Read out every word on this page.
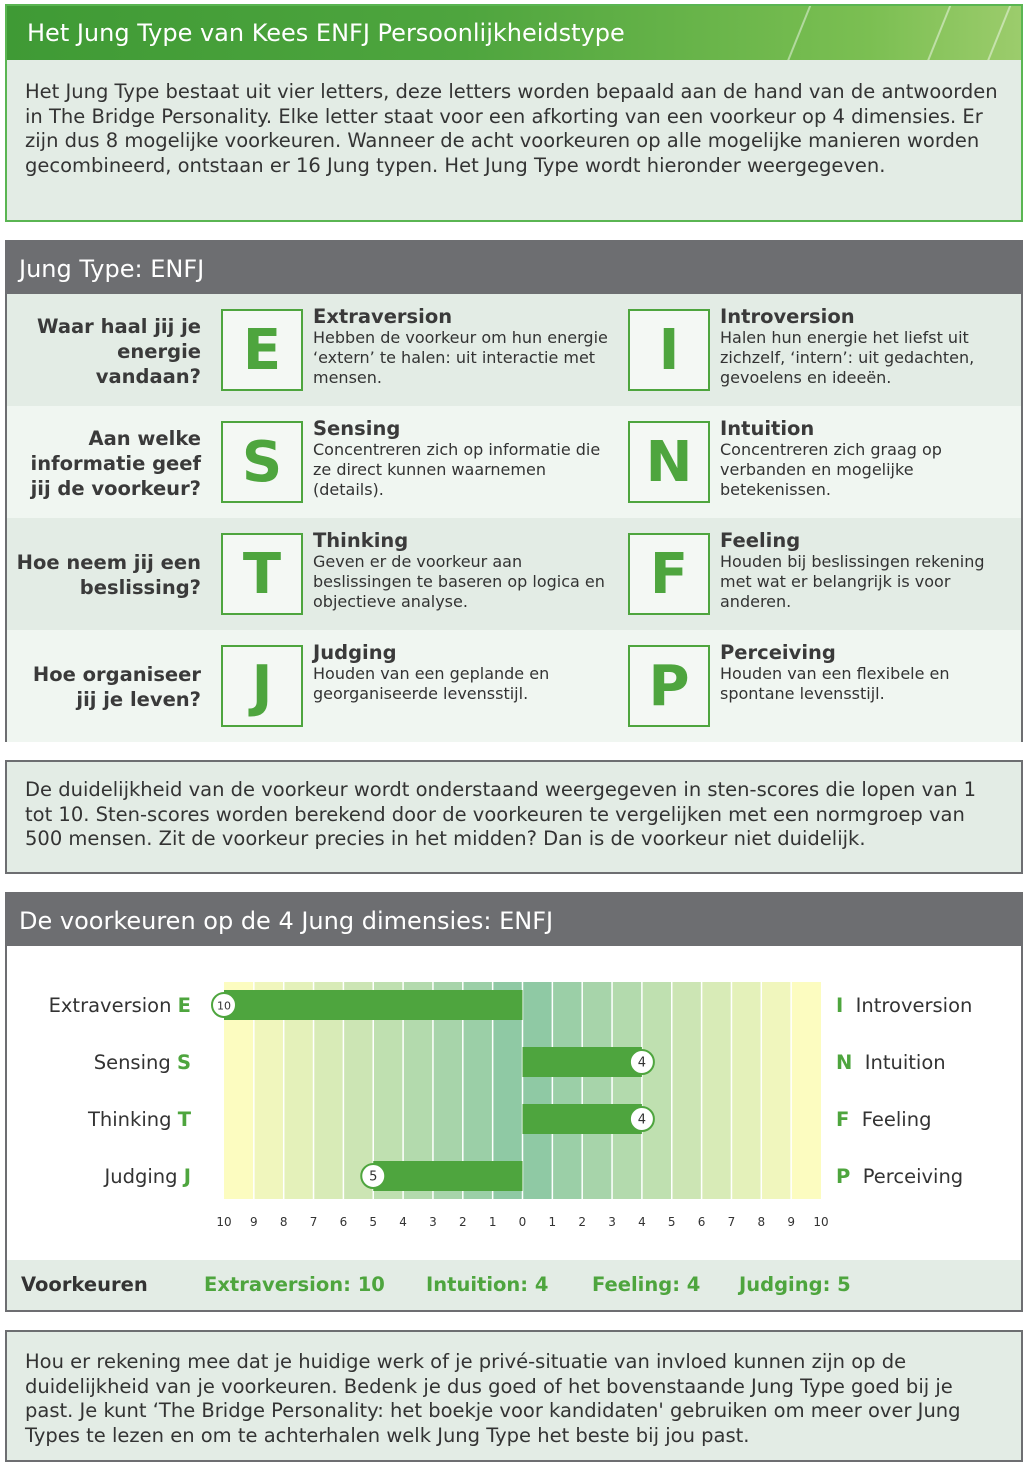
Het Jung Type van Kees ENFJ Persoonlijkheidstype
Het Jung Type bestaat uit vier letters, deze letters worden bepaald aan de hand van de antwoorden in The Bridge Personality. Elke letter staat voor een afkorting van een voorkeur op 4 dimensies. Er zijn dus 8 mogelijke voorkeuren. Wanneer de acht voorkeuren op alle mogelijke manieren worden gecombineerd, ontstaan er 16 Jung typen. Het Jung Type wordt hieronder weergegeven.
Jung Type: ENFJ
Waar haal jij je energie vandaan? E
Extraversion
Hebben de voorkeur om hun energie ‘extern’ te halen: uit interactie met mensen.	I
Introversion
Halen hun energie het liefst uit zichzelf, ‘intern’: uit gedachten, gevoelens en ideeën.
Aan welke informatie geef jij de voorkeur? S
Sensing
Concentreren zich op informatie die ze direct kunnen waarnemen (details).	N
Intuition
Concentreren zich graag op verbanden en mogelijke betekenissen.
Hoe neem jij een beslissing? T
Thinking
Geven er de voorkeur aan beslissingen te baseren op logica en objectieve analyse.	F
Feeling
Houden bij beslissingen rekening met wat er belangrijk is voor anderen.
Hoe organiseer jij je leven? J
Judging
Houden van een geplande en georganiseerde levensstijl.	P
Perceiving
Houden van een flexibele en spontane levensstijl.
De duidelijkheid van de voorkeur wordt onderstaand weergegeven in sten-scores die lopen van 1 tot 10. Sten-scores worden berekend door de voorkeuren te vergelijken met een normgroep van 500 mensen. Zit de voorkeur precies in het midden? Dan is de voorkeur niet duidelijk.
De voorkeuren op de 4 Jung dimensies: ENFJ
Extraversion E
Sensing S
Thinking T
Judging J
10 9 8 7 6 5 4 3 2 1 0 1 2 3 4 5 6 7 8 9 10
10
4
4
5
I Introversion
N Intuition
F Feeling
P Perceiving
Voorkeuren	Extraversion: 10 Intuition: 4 Feeling: 4 Judging: 5
Hou er rekening mee dat je huidige werk of je privé-situatie van invloed kunnen zijn op de duidelijkheid van je voorkeuren. Bedenk je dus goed of het bovenstaande Jung Type goed bij je past. Je kunt ‘The Bridge Personality: het boekje voor kandidaten' gebruiken om meer over Jung Types te lezen en om te achterhalen welk Jung Type het beste bij jou past.
